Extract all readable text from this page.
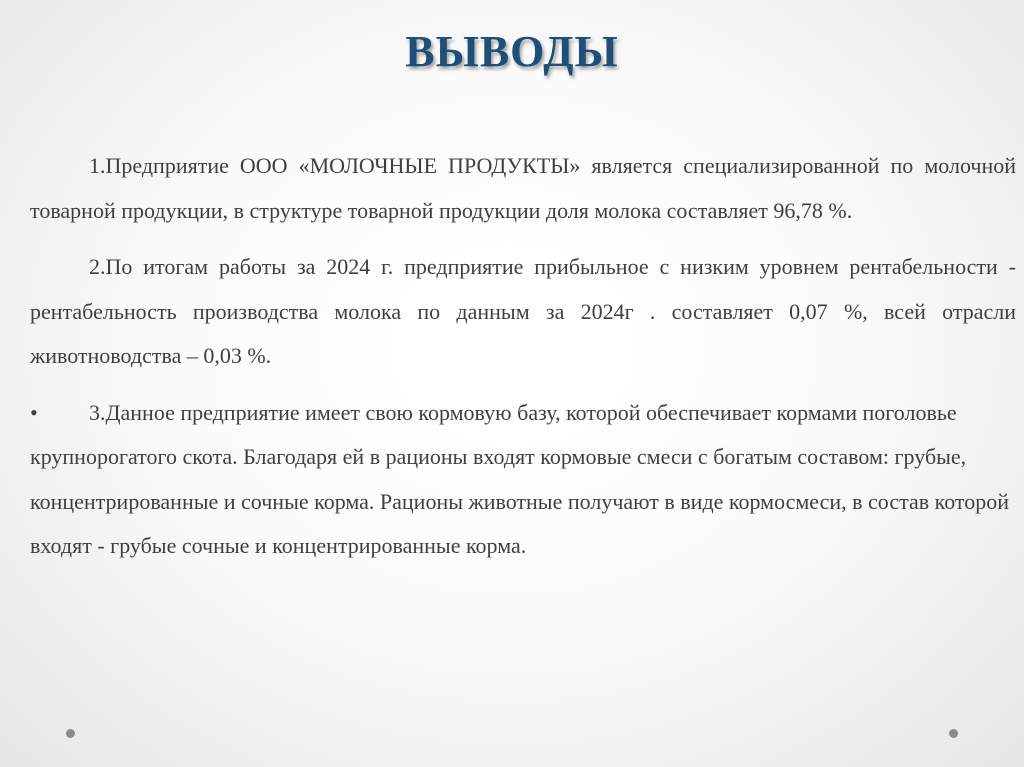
ВЫВОДЫ

1.Предприятие ООО «МОЛОЧНЫЕ ПРОДУКТЫ» является специализированной по молочной товарной продукции, в структуре товарной продукции доля молока составляет 96,78 %.

2.По итогам работы за 2024 г. предприятие прибыльное с низким уровнем рентабельности - рентабельность производства молока по данным за 2024г . составляет 0,07 %, всей отрасли животноводства – 0,03 %.

• 3.Данное предприятие имеет свою кормовую базу, которой обеспечивает кормами поголовье крупнорогатого скота. Благодаря ей в рационы входят кормовые смеси с богатым составом: грубые, концентрированные и сочные корма. Рационы животные получают в виде кормосмеси, в состав которой входят - грубые сочные и концентрированные корма.
